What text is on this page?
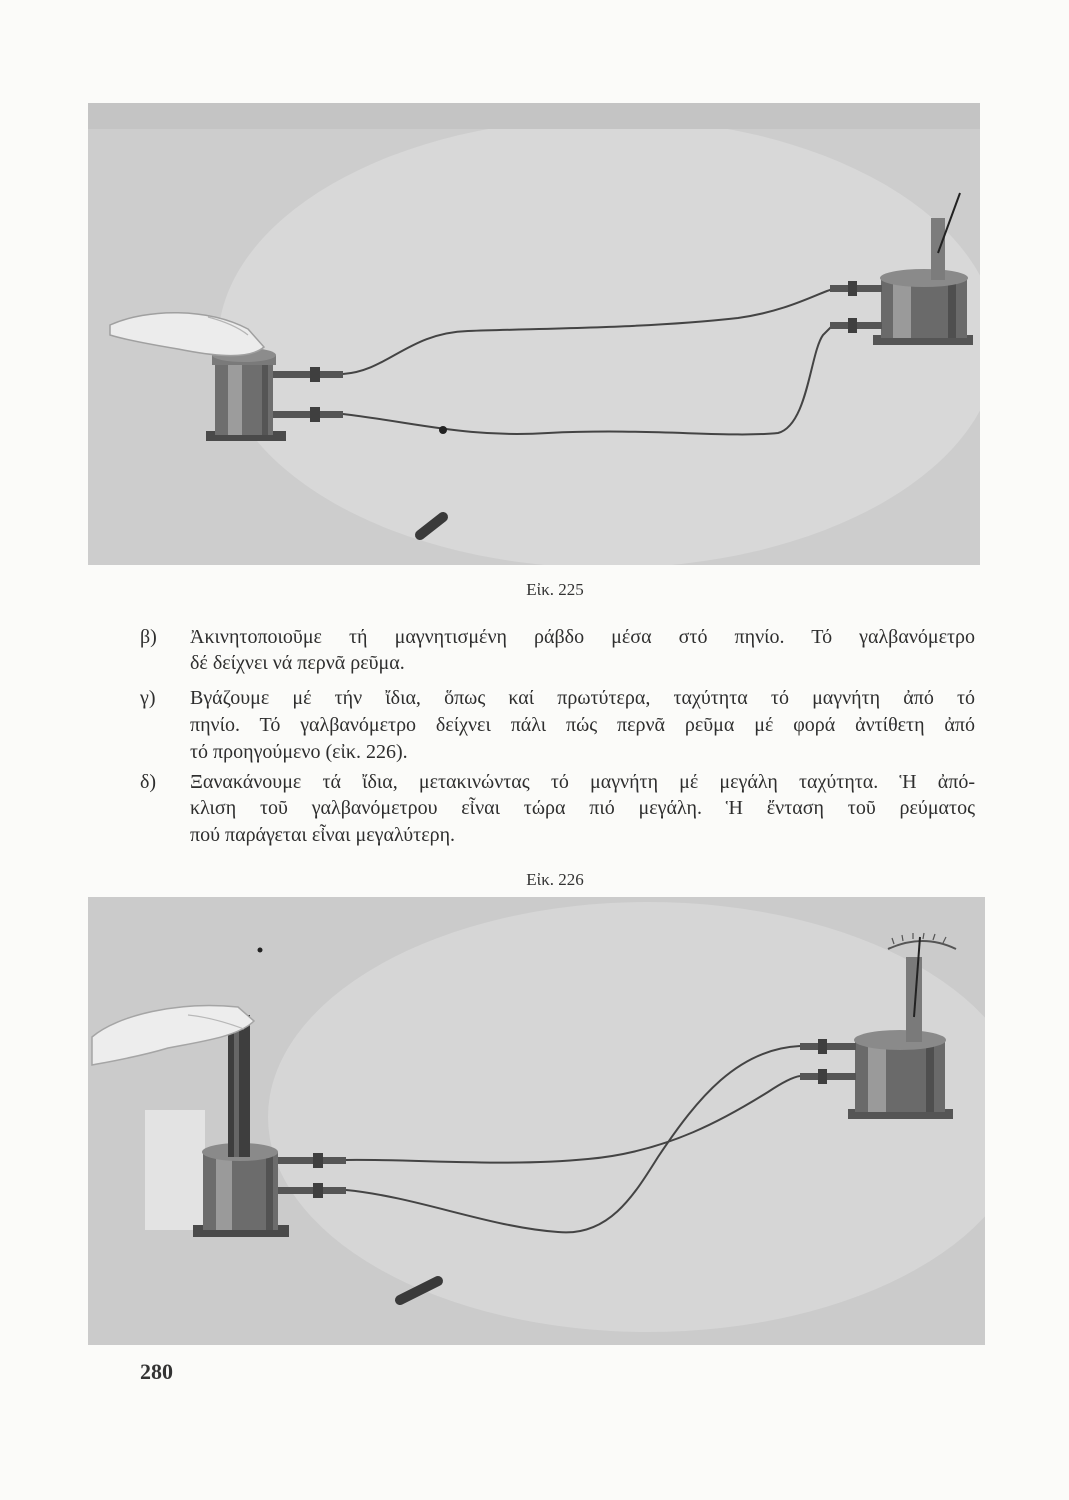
Εἰκ. 225
β) Ἀκινητοποιοῦμε τή μαγνητισμένη ράβδο μέσα στό πηνίο. Τό γαλβανόμετρο
δέ δείχνει νά περνᾶ ρεῦμα.
γ) Βγάζουμε μέ τήν ἴδια, ὅπως καί πρωτύτερα, ταχύτητα τό μαγνήτη ἀπό τό
πηνίο. Τό γαλβανόμετρο δείχνει πάλι πώς περνᾶ ρεῦμα μέ φορά ἀντίθετη ἀπό
τό προηγούμενο (εἰκ. 226).
δ) Ξανακάνουμε τά ἴδια, μετακινώντας τό μαγνήτη μέ μεγάλη ταχύτητα. Ἡ ἀπό-
κλιση τοῦ γαλβανόμετρου εἶναι τώρα πιό μεγάλη. Ἡ ἔνταση τοῦ ρεύματος
πού παράγεται εἶναι μεγαλύτερη.
Εἰκ. 226
280
